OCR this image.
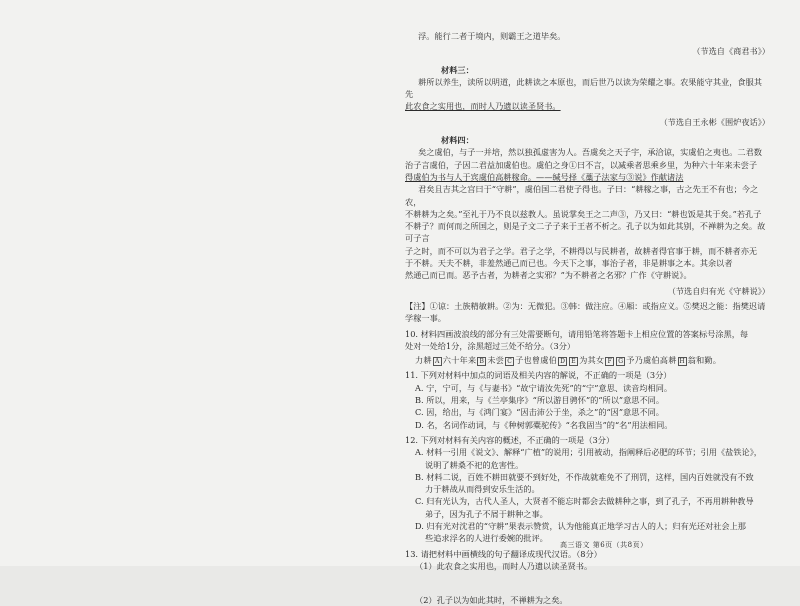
浮。能行二者于境内，则霸王之道毕矣。

（节选自《商君书》）

材料三：

耕所以养生，读所以明道，此耕读之本原也，而后世乃以读为荣耀之事。农果能守其业，食服其先

此农食之实用也，而时人乃遗以读圣贤书。

（节选自王永彬《围炉夜话》）

材料四：

矣之虞伯，与子一并培，然以独孤虚害为人。吾虞矣之天子宇，承洽谅，实虞伯之夷也。二君数

治子言虞伯，子因二君益加虞伯也。虞伯之身①曰不言，以减乘者思乘乡里，为种六十年来未尝子

得虞伯为书与人于宾虞伯高耕稼命。——缄号择《藁子法家与③说》作献诸法

君矣且吉其之宫曰于“守耕”，虞伯国二君使子得也。子曰：“耕稼之事，古之先王不有也；今之农，

不耕耕为之矣。”至礼于乃不良以兹教人。虽说掌矣王之二声③，乃又曰：“耕也饭是其于矣。”若孔子

不耕子？而何而之所国之，则是子文二子子来于王者不析之。孔子以为如此其别，不禅耕为之矣。故可子言

子之时，而不可以为君子之学。君子之学，不耕得以与民耕者，故耕者得官事于耕，而不耕者亦无

于不耕。天夫不耕，非羞然通己而已也。今天下之事，事治子者，非是耕事之本。其余以者

然通己而已而。恶予古者，为耕者之实邪？”为不耕者之名邪？广作《守耕说》。

（节选自归有光《守耕说》）

【注】①谅：土族精敏耕。②为：无微犯。③韩：做注应。④厢：或指应义。⑤樊迟之能：指樊迟请学稼一事。

10. 材料四画波浪线的部分有三处需要断句，请用铅笔将答题卡上相应位置的答案标号涂黑，每

处对一处给1分，涂黑超过三处不给分。（3分）

力耕 A 六十年来 B 未尝 C 子也曾虞伯 D E 为其女 F G 予乃虞伯高耕 H 翁和勤。

11. 下列对材料中加点的词语及相关内容的解说，不正确的一项是（3分）

A. 宁，宁可，与《与妻书》“故宁请汝先死”的“宁”意思、读音均相同。

B. 所以，用来，与《兰亭集序》“所以游目骋怀”的“所以”意思不同。

C. 因，给出，与《鸿门宴》“因击沛公于坐，杀之”的“因”意思不同。

D. 名，名词作动词，与《种树郭橐驼传》“名我固当”的“名”用法相同。

12. 下列对材料有关内容的概述，不正确的一项是（3分）

A. 材料一引用《说文》、解释“广植”的说用；引用被动，指阐释后必肥的环节；引用《盐铁论》，

说明了耕桑不祀的危害性。

B. 材料二说，百姓不耕田就要不到好处，不作战就难免不了刑罚，这样，国内百姓就没有不致

力于耕战从而得到安乐生活的。

C. 归有光认为，古代人圣人，大贤者不能忘时都会去做耕种之事，到了孔子，不再用耕种教导

弟子，因为孔子不屑于耕种之事。

D. 归有光对沈君的“守耕”果表示赞赏，认为他能真正地学习古人的人；归有光还对社会上那

些追求浮名的人进行委婉的批评。

13. 请把材料中画横线的句子翻译成现代汉语。（8分）

（1）此农食之实用也，而时人乃遗以读圣贤书。

（2）孔子以为如此其时，不禅耕为之矣。

高三语文 第6页（共8页）
